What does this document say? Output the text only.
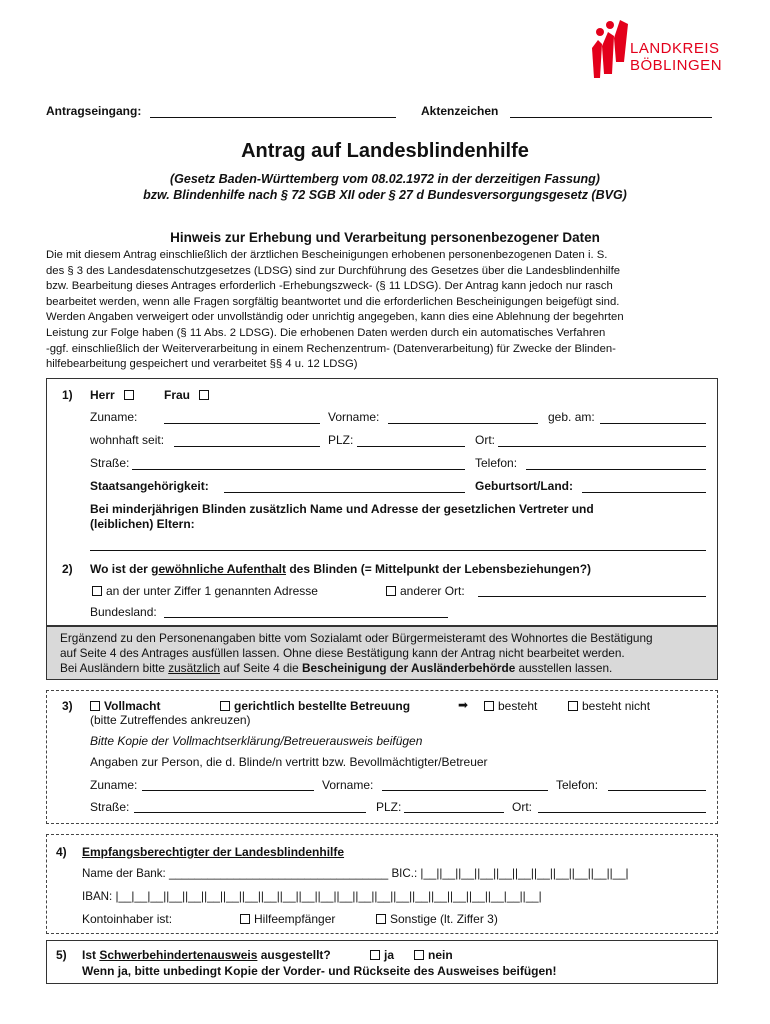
LANDKREIS
BÖBLINGEN
Antragseingang:	Aktenzeichen
Antrag auf Landesblindenhilfe
(Gesetz Baden-Württemberg vom 08.02.1972 in der derzeitigen Fassung)
bzw. Blindenhilfe nach § 72 SGB XII oder § 27 d Bundesversorgungsgesetz (BVG)
Hinweis zur Erhebung und Verarbeitung personenbezogener Daten
Die mit diesem Antrag einschließlich der ärztlichen Bescheinigungen erhobenen personenbezogenen Daten i. S.
des § 3 des Landesdatenschutzgesetzes (LDSG) sind zur Durchführung des Gesetzes über die Landesblindenhilfe
bzw. Bearbeitung dieses Antrages erforderlich -Erhebungszweck- (§ 11 LDSG). Der Antrag kann jedoch nur rasch
bearbeitet werden, wenn alle Fragen sorgfältig beantwortet und die erforderlichen Bescheinigungen beigefügt sind.
Werden Angaben verweigert oder unvollständig oder unrichtig angegeben, kann dies eine Ablehnung der begehrten
Leistung zur Folge haben (§ 11 Abs. 2 LDSG). Die erhobenen Daten werden durch ein automatisches Verfahren
-ggf. einschließlich der Weiterverarbeitung in einem Rechenzentrum- (Datenverarbeitung) für Zwecke der Blinden-
hilfebearbeitung gespeichert und verarbeitet §§ 4 u. 12 LDSG)
1) Herr	Frau
Zuname:	Vorname:	geb. am:
wohnhaft seit:	PLZ:	Ort:
Straße:	Telefon:
Staatsangehörigkeit:	Geburtsort/Land:
Bei minderjährigen Blinden zusätzlich Name und Adresse der gesetzlichen Vertreter und
(leiblichen) Eltern:
2) Wo ist der gewöhnliche Aufenthalt des Blinden (= Mittelpunkt der Lebensbeziehungen?)
an der unter Ziffer 1 genannten Adresse	anderer Ort:
Bundesland:
Ergänzend zu den Personenangaben bitte vom Sozialamt oder Bürgermeisteramt des Wohnortes die Bestätigung
auf Seite 4 des Antrages ausfüllen lassen. Ohne diese Bestätigung kann der Antrag nicht bearbeitet werden.
Bei Ausländern bitte zusätzlich auf Seite 4 die Bescheinigung der Ausländerbehörde ausstellen lassen.
3)	Vollmacht	gerichtlich bestellte Betreuung	➡	besteht	besteht nicht
(bitte Zutreffendes ankreuzen)
Bitte Kopie der Vollmachtserklärung/Betreuerausweis beifügen
Angaben zur Person, die d. Blinde/n vertritt bzw. Bevollmächtigter/Betreuer
Zuname:	Vorname:	Telefon:
Straße:	PLZ:	Ort:
4) Empfangsberechtigter der Landesblindenhilfe
Name der Bank: __________________________________ BIC.: |__||__||__||__||__||__||__||__||__||__||__|
IBAN: |__|__|__||__||__||__||__||__||__||__||__||__||__||__||__||__||__||__||__||__||__|__||__|
Kontoinhaber ist:	Hilfeempfänger	Sonstige (lt. Ziffer 3)
5) Ist Schwerbehindertenausweis ausgestellt?	ja	nein
Wenn ja, bitte unbedingt Kopie der Vorder- und Rückseite des Ausweises beifügen!
